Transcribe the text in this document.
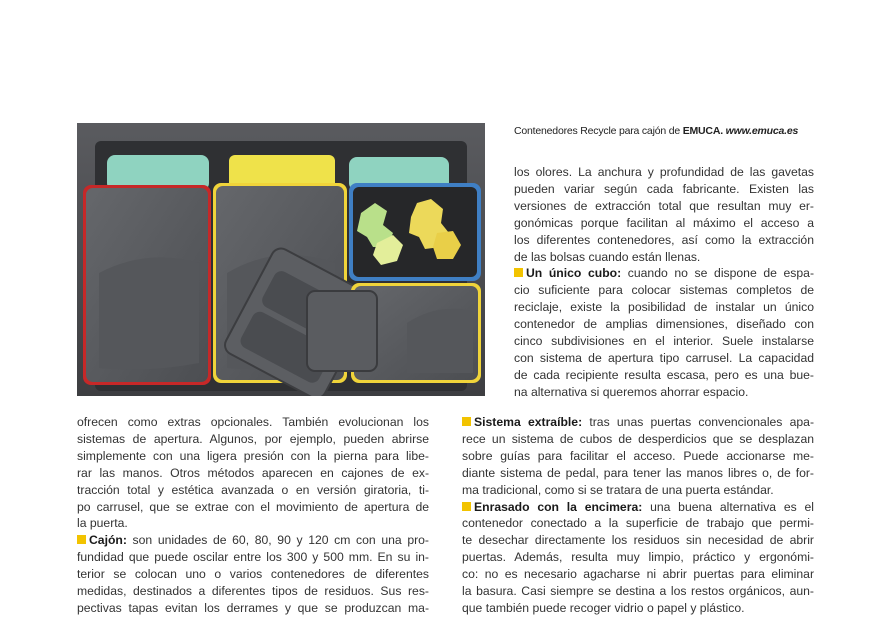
Contenedores Recycle para cajón de EMUCA. www.emuca.es
los olores. La anchura y profundidad de las gavetas
pueden variar según cada fabricante. Existen las
versiones de extracción total que resultan muy er-
gonómicas porque facilitan al máximo el acceso a
los diferentes contenedores, así como la extracción
de las bolsas cuando están llenas.
Un único cubo: cuando no se dispone de espa-
cio suficiente para colocar sistemas completos de
reciclaje, existe la posibilidad de instalar un único
contenedor de amplias dimensiones, diseñado con
cinco subdivisiones en el interior. Suele instalarse
con sistema de apertura tipo carrusel. La capacidad
de cada recipiente resulta escasa, pero es una bue-
na alternativa si queremos ahorrar espacio.
ofrecen como extras opcionales. También evolucionan los
sistemas de apertura. Algunos, por ejemplo, pueden abrirse
simplemente con una ligera presión con la pierna para libe-
rar las manos. Otros métodos aparecen en cajones de ex-
tracción total y estética avanzada o en versión giratoria, ti-
po carrusel, que se extrae con el movimiento de apertura de
la puerta.
Cajón: son unidades de 60, 80, 90 y 120 cm con una pro-
fundidad que puede oscilar entre los 300 y 500 mm. En su in-
terior se colocan uno o varios contenedores de diferentes
medidas, destinados a diferentes tipos de residuos. Sus res-
pectivas tapas evitan los derrames y que se produzcan ma-
Sistema extraíble: tras unas puertas convencionales apa-
rece un sistema de cubos de desperdicios que se desplazan
sobre guías para facilitar el acceso. Puede accionarse me-
diante sistema de pedal, para tener las manos libres o, de for-
ma tradicional, como si se tratara de una puerta estándar.
Enrasado con la encimera: una buena alternativa es el
contenedor conectado a la superficie de trabajo que permi-
te desechar directamente los residuos sin necesidad de abrir
puertas. Además, resulta muy limpio, práctico y ergonómi-
co: no es necesario agacharse ni abrir puertas para eliminar
la basura. Casi siempre se destina a los restos orgánicos, aun-
que también puede recoger vidrio o papel y plástico.
